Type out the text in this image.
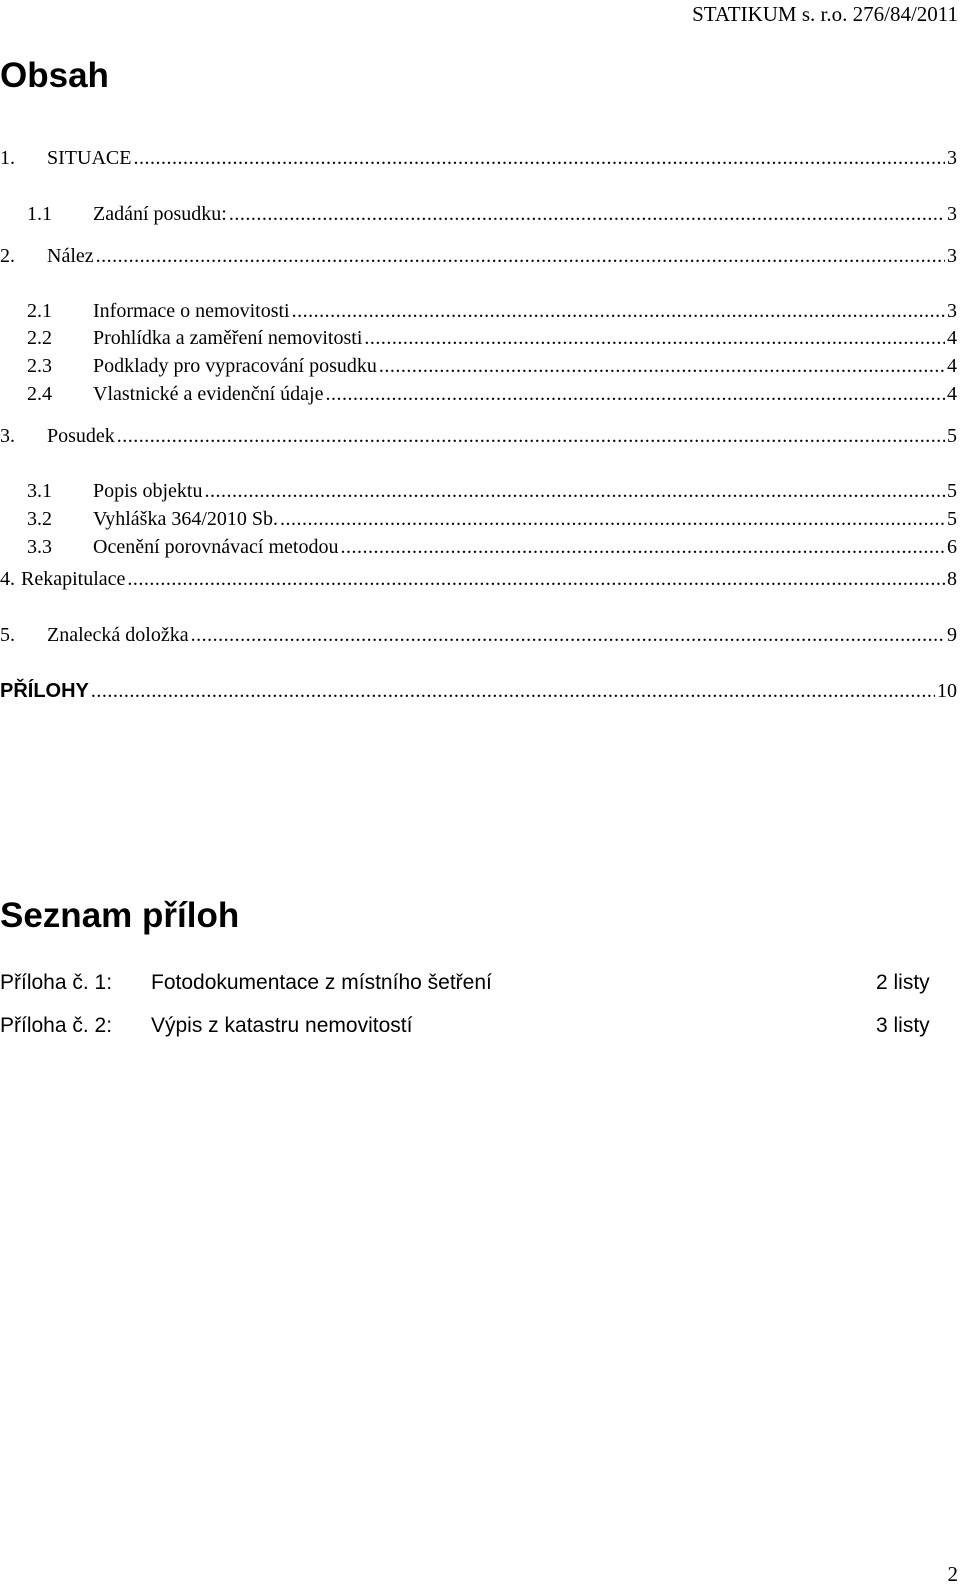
STATIKUM s. r.o. 276/84/2011
Obsah
1.	SITUACE .....	3
1.1	Zadání posudku: .....	3
2.	Nález .....	3
2.1	Informace o nemovitosti .....	3
2.2	Prohlídka a zaměření nemovitosti .....	4
2.3	Podklady pro vypracování posudku .....	4
2.4	Vlastnické a evidenční údaje .....	4
3.	Posudek .....	5
3.1	Popis objektu .....	5
3.2	Vyhláška 364/2010 Sb. .....	5
3.3	Ocenění porovnávací metodou .....	6
4. Rekapitulace .....	8
5.	Znalecká doložka .....	9
PŘÍLOHY .....	10
Seznam příloh
Příloha č. 1: Fotodokumentace z místního šetření	2 listy
Příloha č. 2: Výpis z katastru nemovitostí	3 listy
2
